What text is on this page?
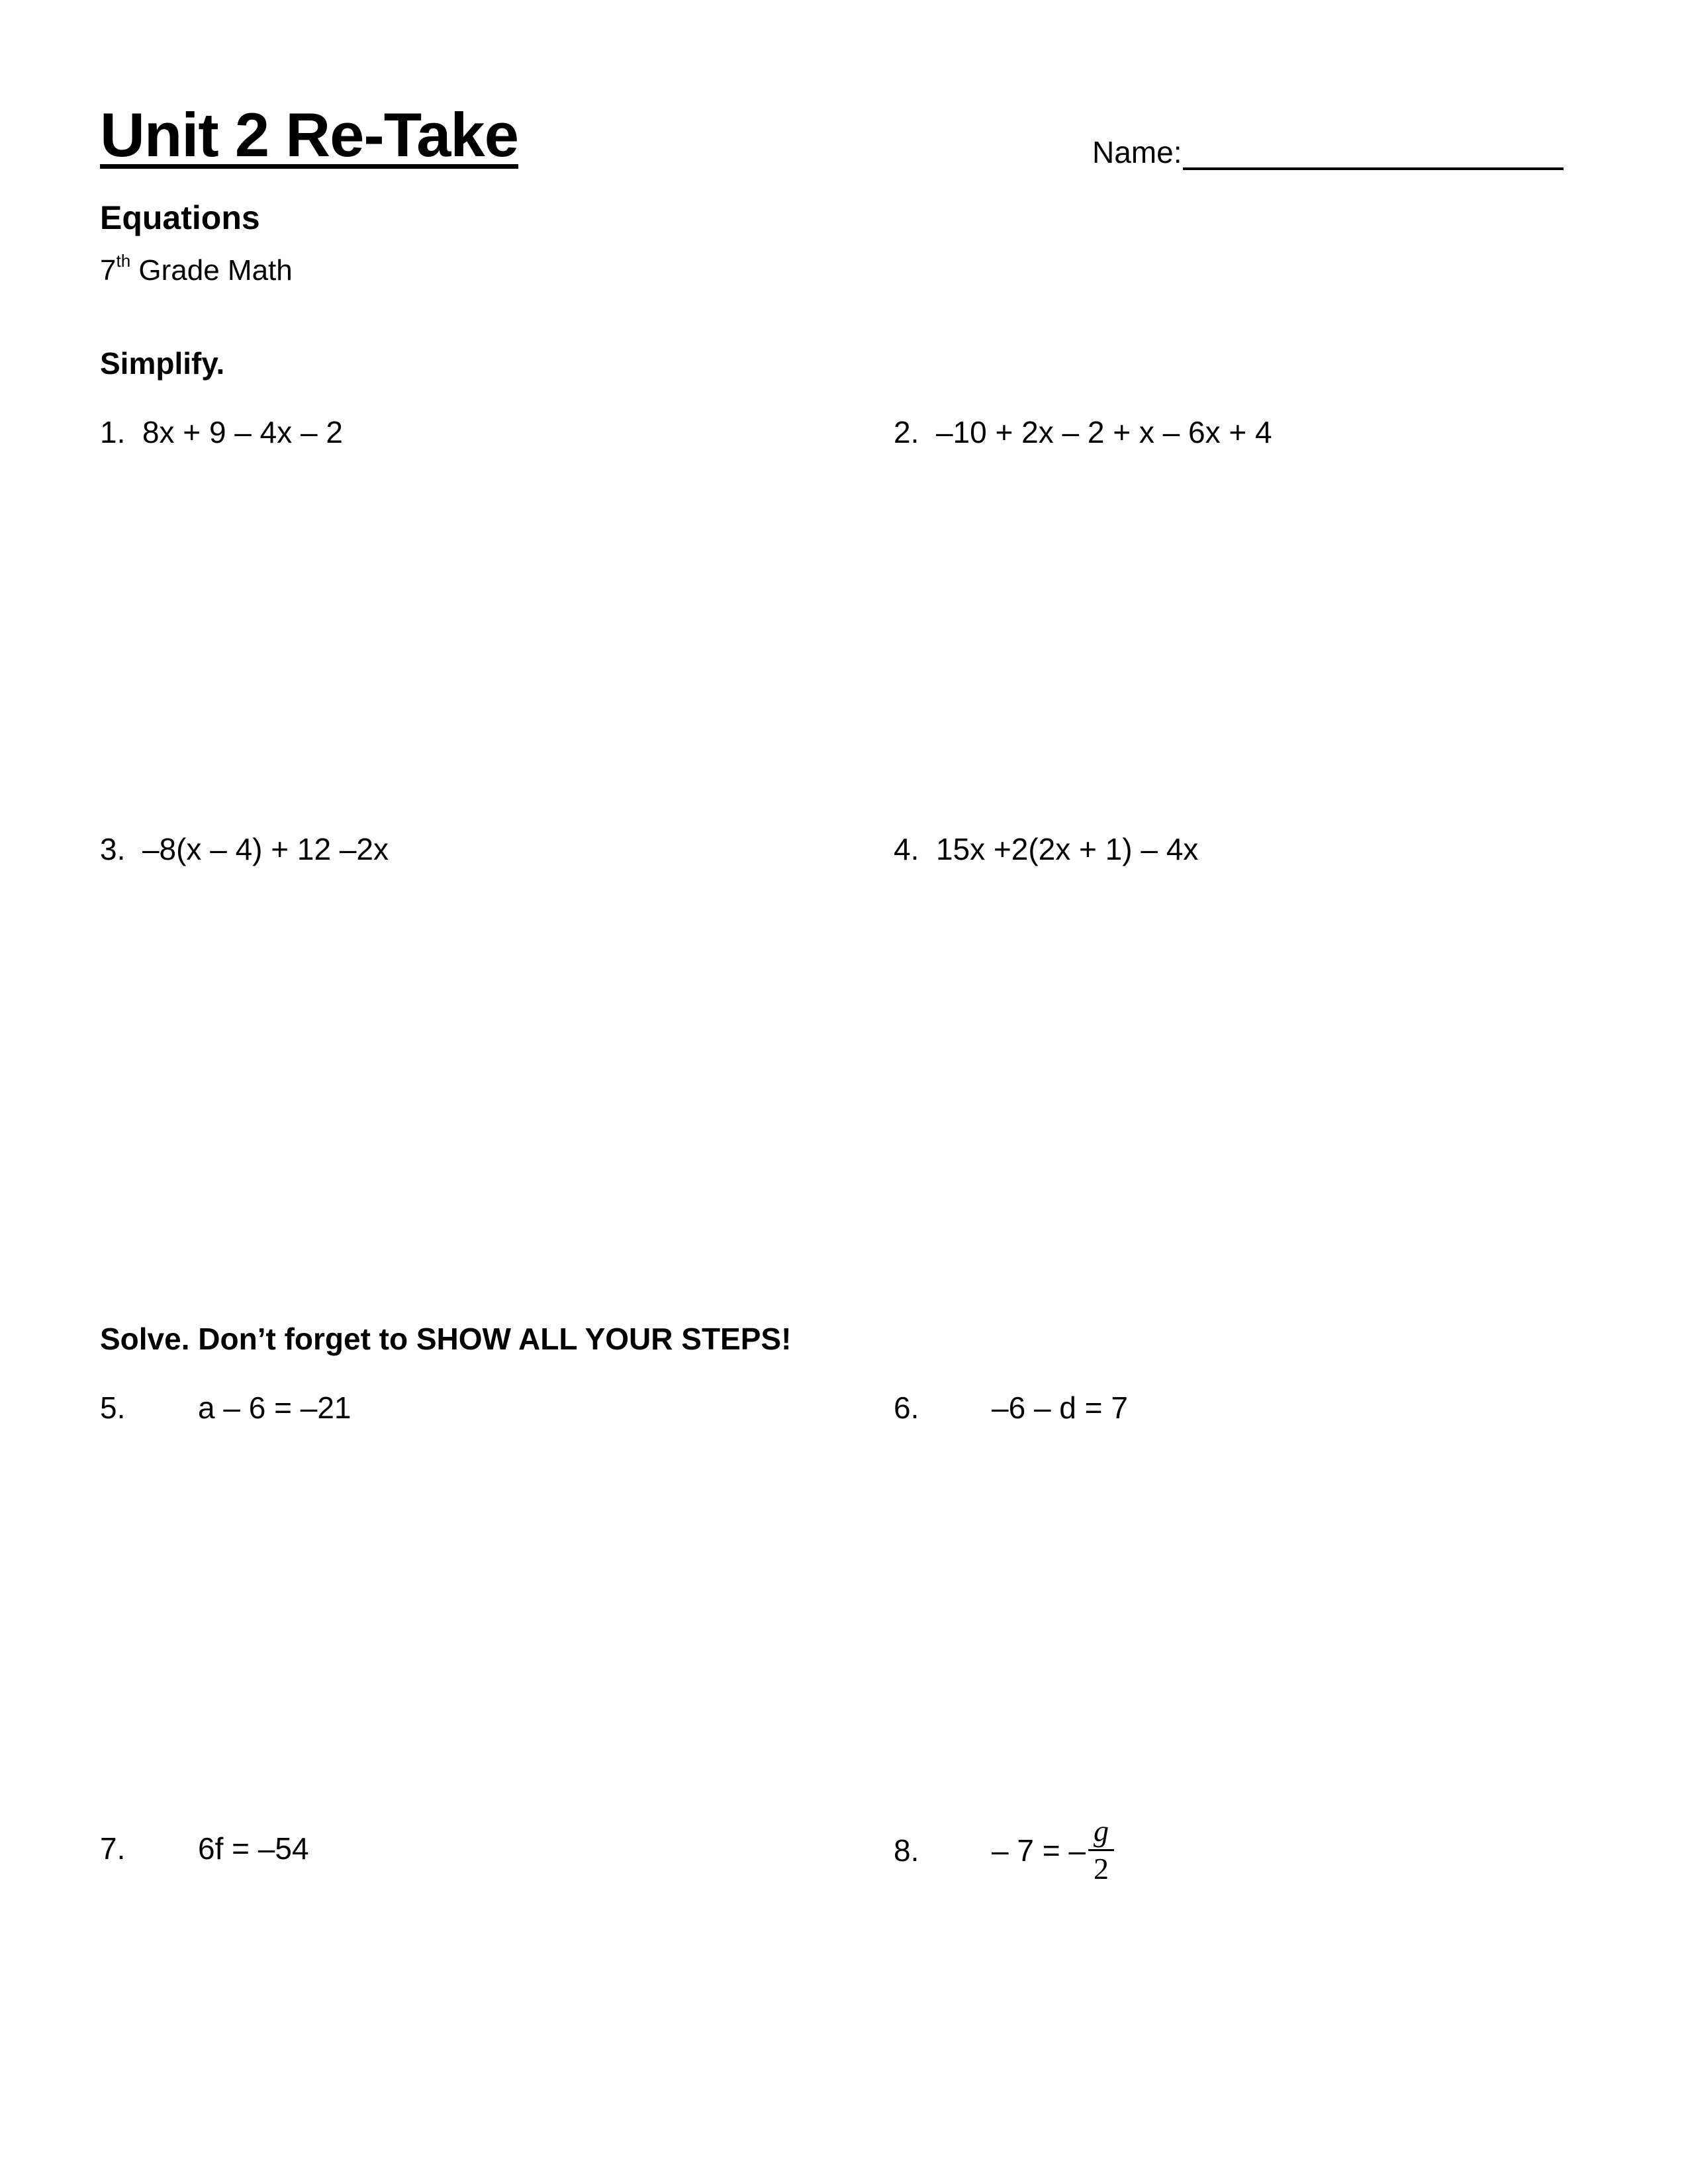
Unit 2 Re-Take	Name:
Equations
7th Grade Math
Simplify.
1. 8x + 9 – 4x – 2	2. –10 + 2x – 2 + x – 6x + 4
3. –8(x – 4) + 12 –2x	4. 15x +2(2x + 1) – 4x
Solve. Don’t forget to SHOW ALL YOUR STEPS!
5. a – 6 = –21	6. –6 – d = 7
7. 6f = –54	8.	– 7 = – $\frac{g}{2}$
